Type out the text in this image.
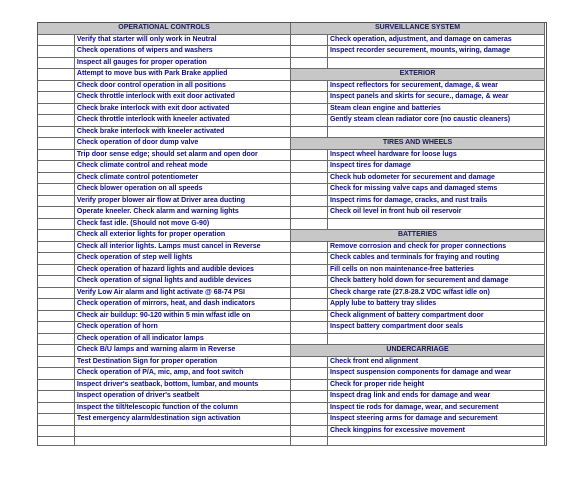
OPERATIONAL CONTROLS		SURVEILLANCE SYSTEM	
	Verify that starter will only work in Neutral		Check operation, adjustment, and damage on cameras
	Check operations of wipers and washers		Inspect recorder securement, mounts, wiring, damage
	Inspect all gauges for proper operation		
	Attempt to move bus with Park Brake applied	EXTERIOR	
	Check door control operation in all positions		Inspect reflectors for securement, damage, & wear
	Check throttle interlock with exit door activated		Inspect panels and skirts for secure., damage, & wear
	Check brake interlock with exit door activated		Steam clean engine and batteries
	Check throttle interlock with kneeler activated		Gently steam clean radiator core (no caustic cleaners)
	Check brake interlock with kneeler activated		
	Check operation of door dump valve	TIRES AND WHEELS	
	Trip door sense edge; should set alarm and open door		Inspect wheel hardware for loose lugs
	Check climate control and reheat mode		Inspect tires for damage
	Check climate control potentiometer		Check hub odometer for securement and damage
	Check blower operation on all speeds		Check for missing valve caps and damaged stems
	Verify proper blower air flow at Driver area ducting		Inspect rims for damage, cracks, and rust trails
	Operate kneeler. Check alarm and warning lights		Check oil level in front hub oil reservoir
	Check fast idle. (Should not move G-90)		
	Check all exterior lights for proper operation	BATTERIES	
	Check all interior lights. Lamps must cancel in Reverse		Remove corrosion and check for proper connections
	Check operation of step well lights		Check cables and terminals for fraying and routing
	Check operation of hazard lights and audible devices		Fill cells on non maintenance-free batteries
	Check operation of signal lights and audible devices		Check battery hold down for securement and damage
	Verify Low Air alarm and light activate @ 68-74 PSI		Check charge rate (27.8-28.2 VDC w/fast idle on)
	Check operation of mirrors, heat, and dash indicators		Apply lube to battery tray slides
	Check air buildup: 90-120 within 5 min w/fast idle on		Check alignment of battery compartment door
	Check operation of horn		Inspect battery compartment door seals
	Check operation of all indicator lamps		
	Check B/U lamps and warning alarm in Reverse	UNDERCARRIAGE	
	Test Destination Sign for proper operation		Check front end alignment
	Check operation of P/A, mic, amp, and foot switch		Inspect suspension components for damage and wear
	Inspect driver's seatback, bottom, lumbar, and mounts		Check for proper ride height
	Inspect operation of driver's seatbelt		Inspect drag link and ends for damage and wear
	Inspect the tilt/telescopic function of the column		Inspect tie rods for damage, wear, and securement
	Test emergency alarm/destination sign activation		Inspect steering arms for damage and securement
			Check kingpins for excessive movement
